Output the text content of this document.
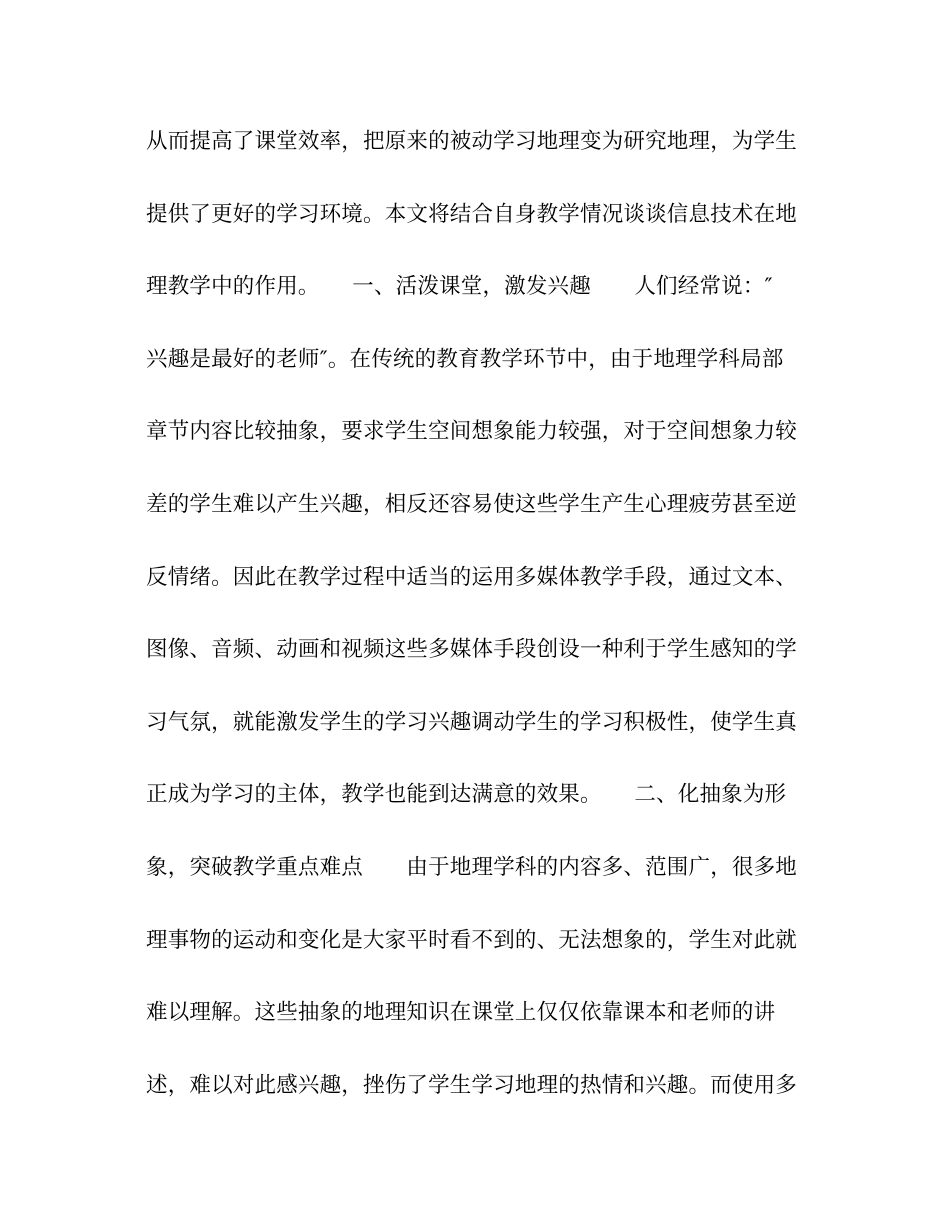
从而提高了课堂效率，把原来的被动学习地理变为研究地理，为学生
提供了更好的学习环境。本文将结合自身教学情况谈谈信息技术在地
理教学中的作用。　　一、活泼课堂，激发兴趣　　人们经常说：″
兴趣是最好的老师″。在传统的教育教学环节中，由于地理学科局部
章节内容比较抽象，要求学生空间想象能力较强，对于空间想象力较
差的学生难以产生兴趣，相反还容易使这些学生产生心理疲劳甚至逆
反情绪。因此在教学过程中适当的运用多媒体教学手段，通过文本、
图像、音频、动画和视频这些多媒体手段创设一种利于学生感知的学
习气氛，就能激发学生的学习兴趣调动学生的学习积极性，使学生真
正成为学习的主体，教学也能到达满意的效果。　　二、化抽象为形
象，突破教学重点难点　　由于地理学科的内容多、范围广，很多地
理事物的运动和变化是大家平时看不到的、无法想象的，学生对此就
难以理解。这些抽象的地理知识在课堂上仅仅依靠课本和老师的讲
述，难以对此感兴趣，挫伤了学生学习地理的热情和兴趣。而使用多
